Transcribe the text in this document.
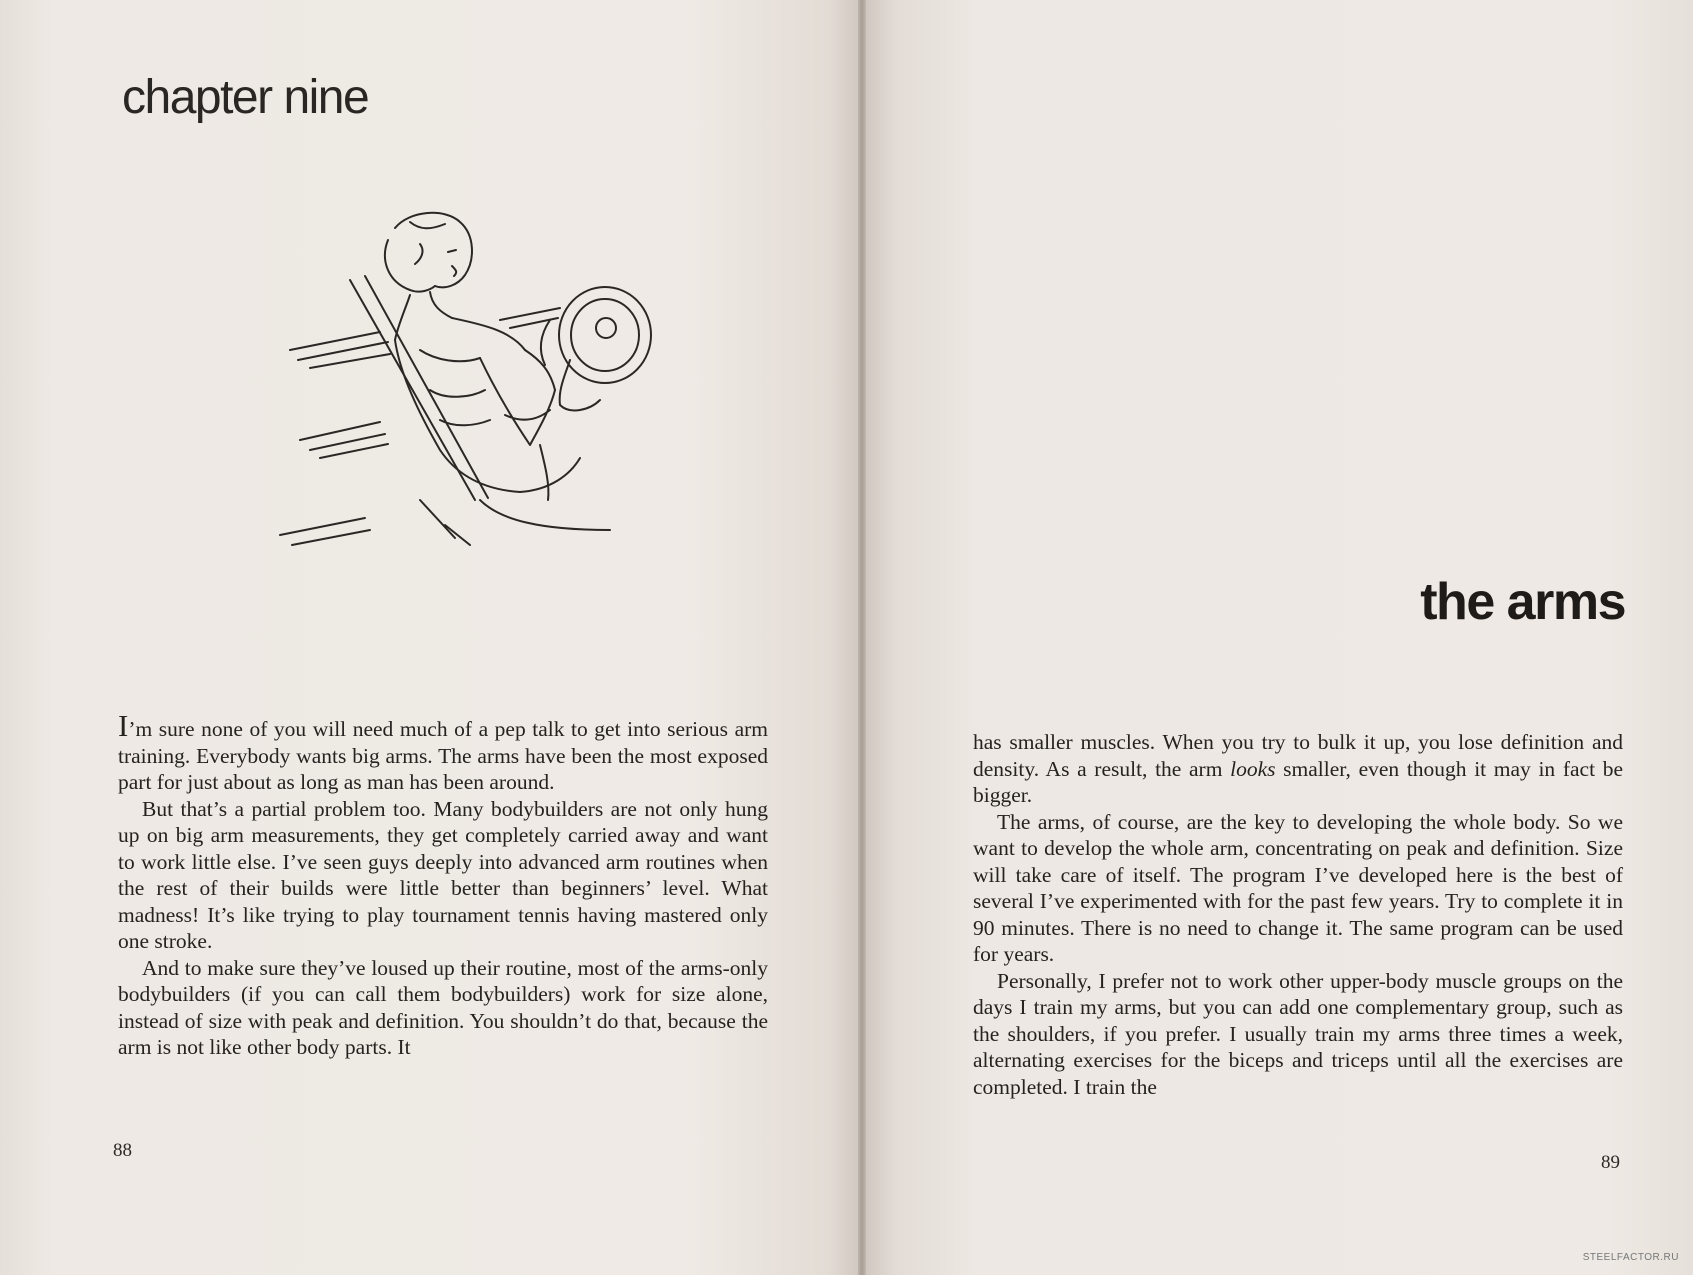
chapter nine

I’m sure none of you will need much of a pep talk to get into serious arm training. Everybody wants big arms. The arms have been the most exposed part for just about as long as man has been around.

But that’s a partial problem too. Many bodybuilders are not only hung up on big arm measurements, they get completely carried away and want to work little else. I’ve seen guys deeply into advanced arm routines when the rest of their builds were little better than beginners’ level. What madness! It’s like trying to play tournament tennis having mastered only one stroke.

And to make sure they’ve loused up their routine, most of the arms-only bodybuilders (if you can call them bodybuilders) work for size alone, instead of size with peak and definition. You shouldn’t do that, because the arm is not like other body parts. It

88
the arms

has smaller muscles. When you try to bulk it up, you lose definition and density. As a result, the arm looks smaller, even though it may in fact be bigger.

The arms, of course, are the key to developing the whole body. So we want to develop the whole arm, concentrating on peak and definition. Size will take care of itself. The program I’ve developed here is the best of several I’ve experimented with for the past few years. Try to complete it in 90 minutes. There is no need to change it. The same program can be used for years.

Personally, I prefer not to work other upper-body muscle groups on the days I train my arms, but you can add one complementary group, such as the shoulders, if you prefer. I usually train my arms three times a week, alternating exercises for the biceps and triceps until all the exercises are completed. I train the

89
STEELFACTOR.RU
